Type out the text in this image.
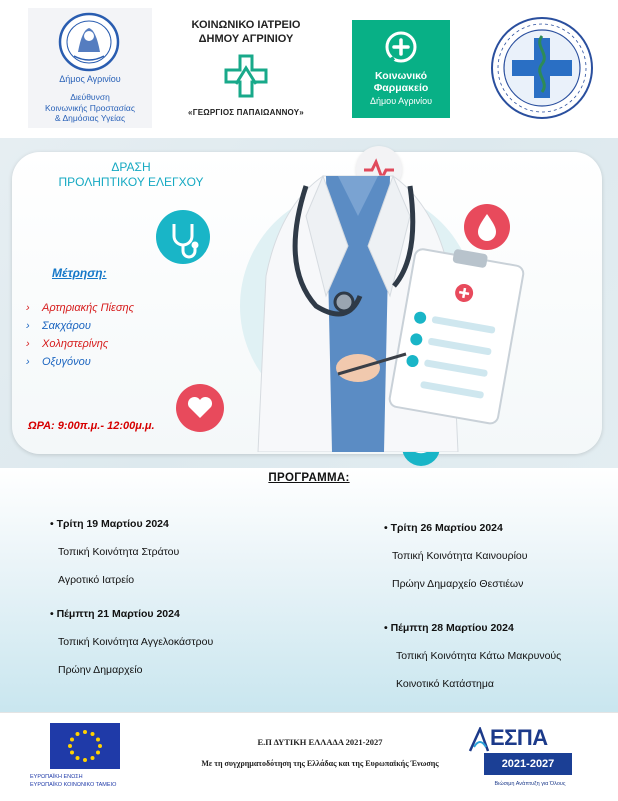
Δήμος Αγρινίου
Διεύθυνση
Κοινωνικής Προστασίας
& Δημόσιας Υγείας
ΚΟΙΝΩΝΙΚΟ ΙΑΤΡΕΙΟ
ΔΗΜΟΥ ΑΓΡΙΝΙΟΥ
«ΓΕΩΡΓΙΟΣ ΠΑΠΑΙΩΑΝΝΟΥ»
Κοινωνικό
Φαρμακείο
Δήμου Αγρινίου
ΔΡΑΣΗ
ΠΡΟΛΗΠΤΙΚΟΥ ΕΛΕΓΧΟΥ
Μέτρηση:
› Αρτηριακής Πίεσης
› Σακχάρου
› Χοληστερίνης
› Οξυγόνου
ΩΡΑ: 9:00π.μ.- 12:00μ.μ.
ΠΡΟΓΡΑΜΜΑ:
• Τρίτη 19 Μαρτίου 2024
Τοπική Κοινότητα Στράτου
Αγροτικό Ιατρείο
• Πέμπτη 21 Μαρτίου 2024
Τοπική Κοινότητα Αγγελοκάστρου
Πρώην Δημαρχείο
• Τρίτη 26 Μαρτίου 2024
Τοπική Κοινότητα Καινουρίου
Πρώην Δημαρχείο Θεστιέων
• Πέμπτη 28 Μαρτίου 2024
Τοπική Κοινότητα Κάτω Μακρυνούς
Κοινοτικό Κατάστημα
ΕΥΡΩΠΑΪΚΗ ΕΝΩΣΗ
ΕΥΡΩΠΑΪΚΟ ΚΟΙΝΩΝΙΚΟ ΤΑΜΕΙΟ
Ε.Π ΔΥΤΙΚΗ ΕΛΛΑΔΑ 2021-2027
Με τη συγχρηματοδότηση της Ελλάδας και της Ευρωπαϊκής Ένωσης
ΕΣΠΑ
2021-2027
Βιώσιμη Ανάπτυξη για Όλους
